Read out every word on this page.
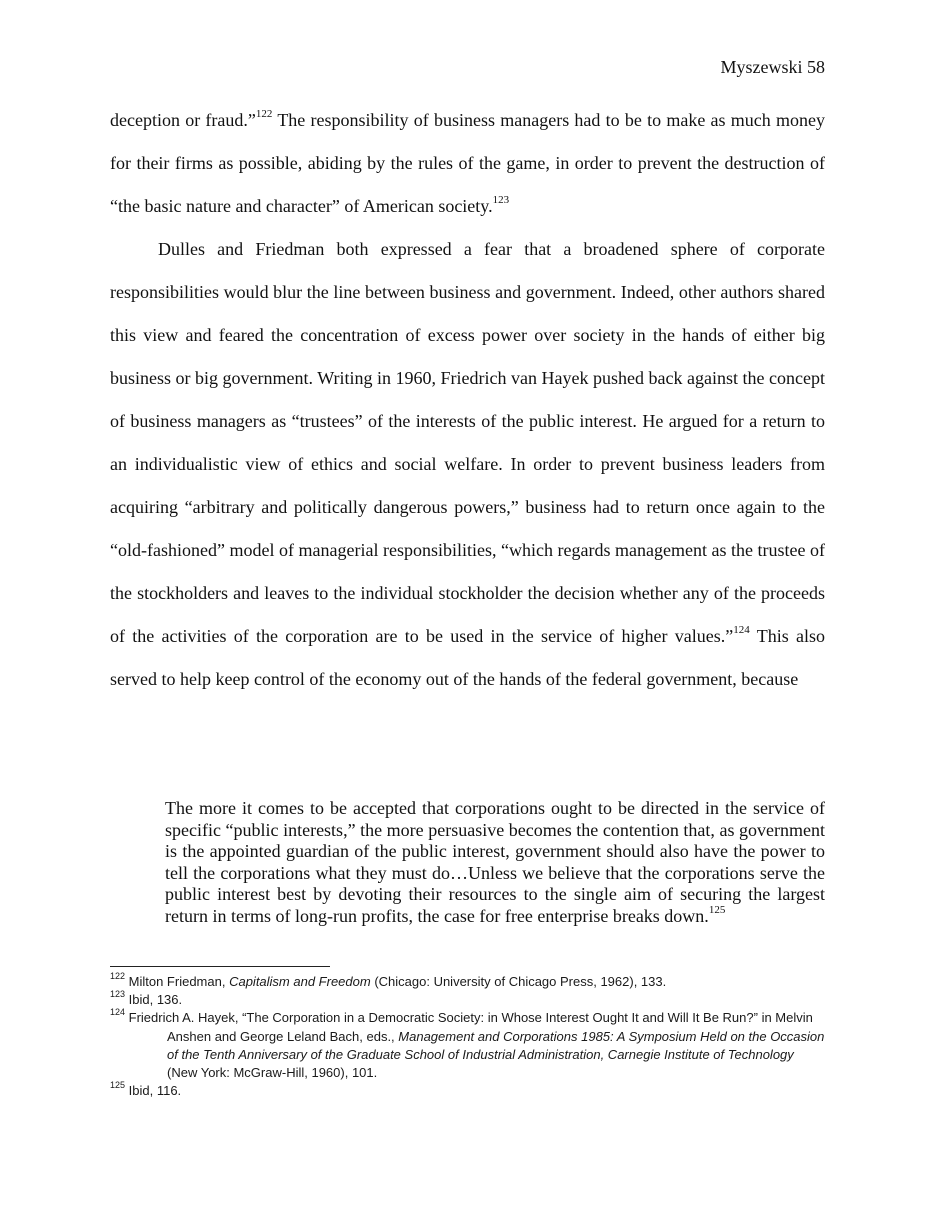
Myszewski 58

deception or fraud.”$^{122}$ The responsibility of business managers had to be to make as much money for their firms as possible, abiding by the rules of the game, in order to prevent the destruction of “the basic nature and character” of American society.$^{123}$

Dulles and Friedman both expressed a fear that a broadened sphere of corporate responsibilities would blur the line between business and government. Indeed, other authors shared this view and feared the concentration of excess power over society in the hands of either big business or big government. Writing in 1960, Friedrich van Hayek pushed back against the concept of business managers as “trustees” of the interests of the public interest. He argued for a return to an individualistic view of ethics and social welfare. In order to prevent business leaders from acquiring “arbitrary and politically dangerous powers,” business had to return once again to the “old-fashioned” model of managerial responsibilities, “which regards management as the trustee of the stockholders and leaves to the individual stockholder the decision whether any of the proceeds of the activities of the corporation are to be used in the service of higher values.”$^{124}$ This also served to help keep control of the economy out of the hands of the federal government, because

The more it comes to be accepted that corporations ought to be directed in the service of specific “public interests,” the more persuasive becomes the contention that, as government is the appointed guardian of the public interest, government should also have the power to tell the corporations what they must do…Unless we believe that the corporations serve the public interest best by devoting their resources to the single aim of securing the largest return in terms of long-run profits, the case for free enterprise breaks down.$^{125}$

$^{122}$ Milton Friedman, Capitalism and Freedom (Chicago: University of Chicago Press, 1962), 133.

$^{123}$ Ibid, 136.

$^{124}$ Friedrich A. Hayek, “The Corporation in a Democratic Society: in Whose Interest Ought It and Will It Be Run?” in Melvin Anshen and George Leland Bach, eds., Management and Corporations 1985: A Symposium Held on the Occasion of the Tenth Anniversary of the Graduate School of Industrial Administration, Carnegie Institute of Technology (New York: McGraw-Hill, 1960), 101.

$^{125}$ Ibid, 116.
